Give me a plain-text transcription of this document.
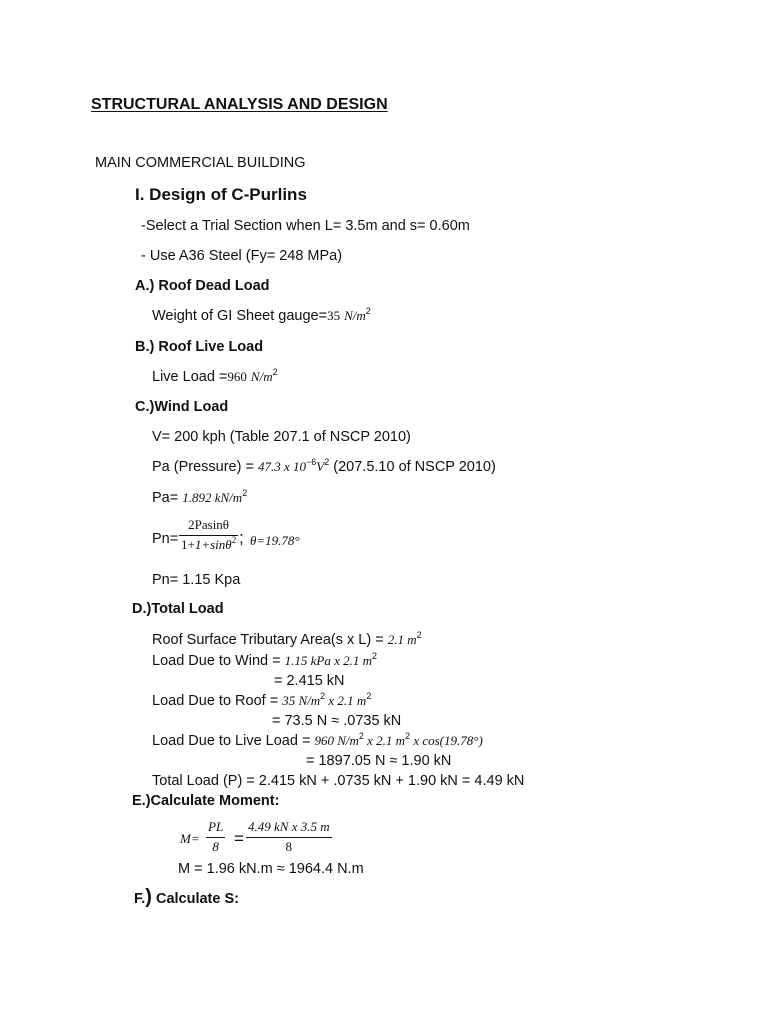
STRUCTURAL ANALYSIS AND DESIGN
MAIN COMMERCIAL BUILDING
I. Design of C-Purlins
-Select a Trial Section when L= 3.5m and s= 0.60m
- Use A36 Steel (Fy= 248 MPa)
A.) Roof Dead Load
Weight of GI Sheet gauge=35 $N/m^2$
B.) Roof Live Load
Live Load =960 $N/m^2$
C.)Wind Load
V= 200 kph (Table 207.1 of NSCP 2010)
Pa (Pressure) = 47.3 x $10^{-6}V^2$ (207.5.10 of NSCP 2010)
Pa= 1.892 $kN/m^2$
Pn=
2Pasinθ
1+1+sinθ$^2$ ; θ=19.78°
Pn= 1.15 Kpa
D.)Total Load
Roof Surface Tributary Area(s x L) = 2.1 $m^2$
Load Due to Wind = 1.15 kPa x 2.1 $m^2$
= 2.415 kN
Load Due to Roof = 35 $N/m^2$ x 2.1 $m^2$
= 73.5 N ≈ .0735 kN
Load Due to Live Load = 960 $N/m^2$ x 2.1 $m^2$ x cos(19.78°)
= 1897.05 N ≈ 1.90 kN
Total Load (P) = 2.415 kN + .0735 kN + 1.90 kN = 4.49 kN
E.)Calculate Moment:
M=
PL
8 =
4.49 kN x 3.5 m
8
M = 1.96 kN.m ≈ 1964.4 N.m
F.) Calculate S:
